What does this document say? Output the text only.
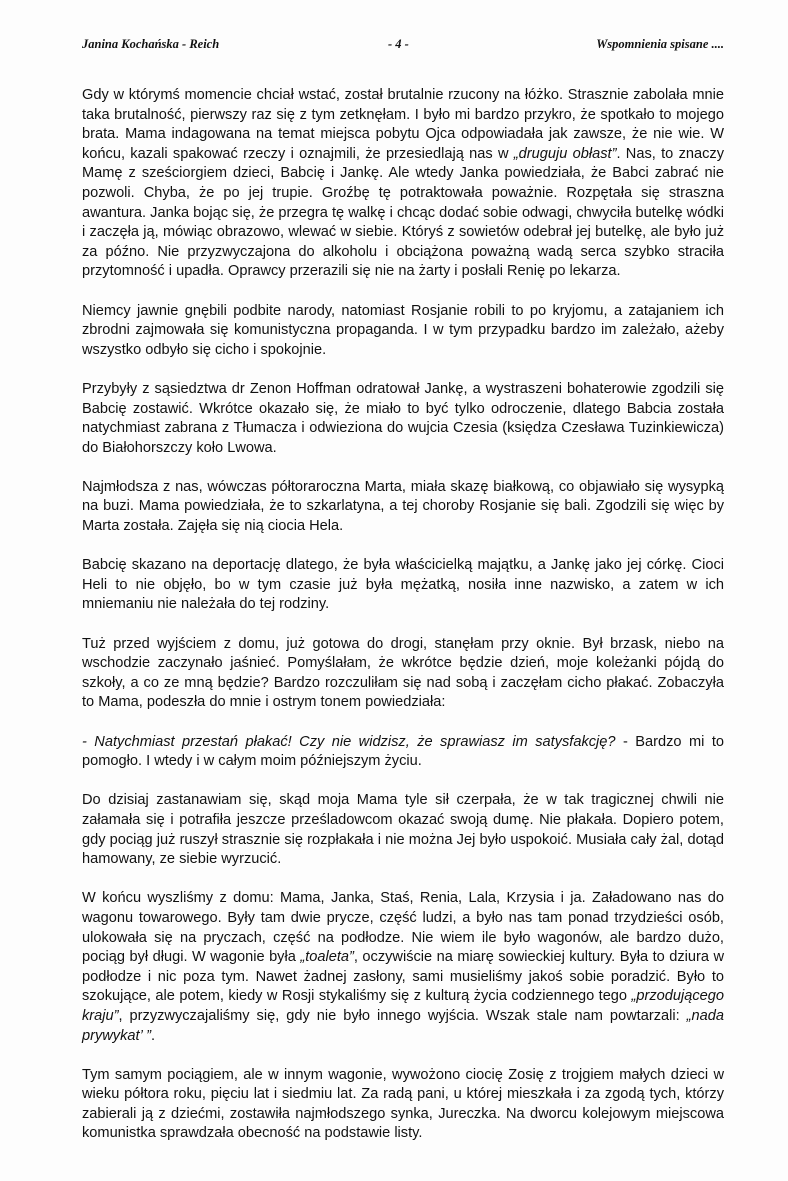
Janina Kochańska - Reich	- 4 -	Wspomnienia spisane ....

Gdy w którymś momencie chciał wstać, został brutalnie rzucony na łóżko. Strasznie zabolała mnie taka brutalność, pierwszy raz się z tym zetknęłam. I było mi bardzo przykro, że spotkało to mojego brata. Mama indagowana na temat miejsca pobytu Ojca odpowiadała jak zawsze, że nie wie. W końcu, kazali spakować rzeczy i oznajmili, że przesiedlają nas w „druguju obłast”. Nas, to znaczy Mamę z sześciorgiem dzieci, Babcię i Jankę. Ale wtedy Janka powiedziała, że Babci zabrać nie pozwoli. Chyba, że po jej trupie. Groźbę tę potraktowała poważnie. Rozpętała się straszna awantura. Janka bojąc się, że przegra tę walkę i chcąc dodać sobie odwagi, chwyciła butelkę wódki i zaczęła ją, mówiąc obrazowo, wlewać w siebie. Któryś z sowietów odebrał jej butelkę, ale było już za późno. Nie przyzwyczajona do alkoholu i obciążona poważną wadą serca szybko straciła przytomność i upadła. Oprawcy przerazili się nie na żarty i posłali Renię po lekarza.

Niemcy jawnie gnębili podbite narody, natomiast Rosjanie robili to po kryjomu, a zatajaniem ich zbrodni zajmowała się komunistyczna propaganda. I w tym przypadku bardzo im zależało, ażeby wszystko odbyło się cicho i spokojnie.

Przybyły z sąsiedztwa dr Zenon Hoffman odratował Jankę, a wystraszeni bohaterowie zgodzili się Babcię zostawić. Wkrótce okazało się, że miało to być tylko odroczenie, dlatego Babcia została natychmiast zabrana z Tłumacza i odwieziona do wujcia Czesia (księdza Czesława Tuzinkiewicza) do Białohorszczy koło Lwowa.

Najmłodsza z nas, wówczas półtoraroczna Marta, miała skazę białkową, co objawiało się wysypką na buzi. Mama powiedziała, że to szkarlatyna, a tej choroby Rosjanie się bali. Zgodzili się więc by Marta została. Zajęła się nią ciocia Hela.

Babcię skazano na deportację dlatego, że była właścicielką majątku, a Jankę jako jej córkę. Cioci Heli to nie objęło, bo w tym czasie już była mężatką, nosiła inne nazwisko, a zatem w ich mniemaniu nie należała do tej rodziny.

Tuż przed wyjściem z domu, już gotowa do drogi, stanęłam przy oknie. Był brzask, niebo na wschodzie zaczynało jaśnieć. Pomyślałam, że wkrótce będzie dzień, moje koleżanki pójdą do szkoły, a co ze mną będzie? Bardzo rozczuliłam się nad sobą i zaczęłam cicho płakać. Zobaczyła to Mama, podeszła do mnie i ostrym tonem powiedziała:

- Natychmiast przestań płakać! Czy nie widzisz, że sprawiasz im satysfakcję? - Bardzo mi to pomogło. I wtedy i w całym moim późniejszym życiu.

Do dzisiaj zastanawiam się, skąd moja Mama tyle sił czerpała, że w tak tragicznej chwili nie załamała się i potrafiła jeszcze prześladowcom okazać swoją dumę. Nie płakała. Dopiero potem, gdy pociąg już ruszył strasznie się rozpłakała i nie można Jej było uspokoić. Musiała cały żal, dotąd hamowany, ze siebie wyrzucić.

W końcu wyszliśmy z domu: Mama, Janka, Staś, Renia, Lala, Krzysia i ja. Załadowano nas do wagonu towarowego. Były tam dwie prycze, część ludzi, a było nas tam ponad trzydzieści osób, ulokowała się na pryczach, część na podłodze. Nie wiem ile było wagonów, ale bardzo dużo, pociąg był długi. W wagonie była „toaleta”, oczywiście na miarę sowieckiej kultury. Była to dziura w podłodze i nic poza tym. Nawet żadnej zasłony, sami musieliśmy jakoś sobie poradzić. Było to szokujące, ale potem, kiedy w Rosji stykaliśmy się z kulturą życia codziennego tego „przodującego kraju”, przyzwyczajaliśmy się, gdy nie było innego wyjścia. Wszak stale nam powtarzali: „nada prywykat’ ”.

Tym samym pociągiem, ale w innym wagonie, wywożono ciocię Zosię z trojgiem małych dzieci w wieku półtora roku, pięciu lat i siedmiu lat. Za radą pani, u której mieszkała i za zgodą tych, którzy zabierali ją z dziećmi, zostawiła najmłodszego synka, Jureczka. Na dworcu kolejowym miejscowa komunistka sprawdzała obecność na podstawie listy.
